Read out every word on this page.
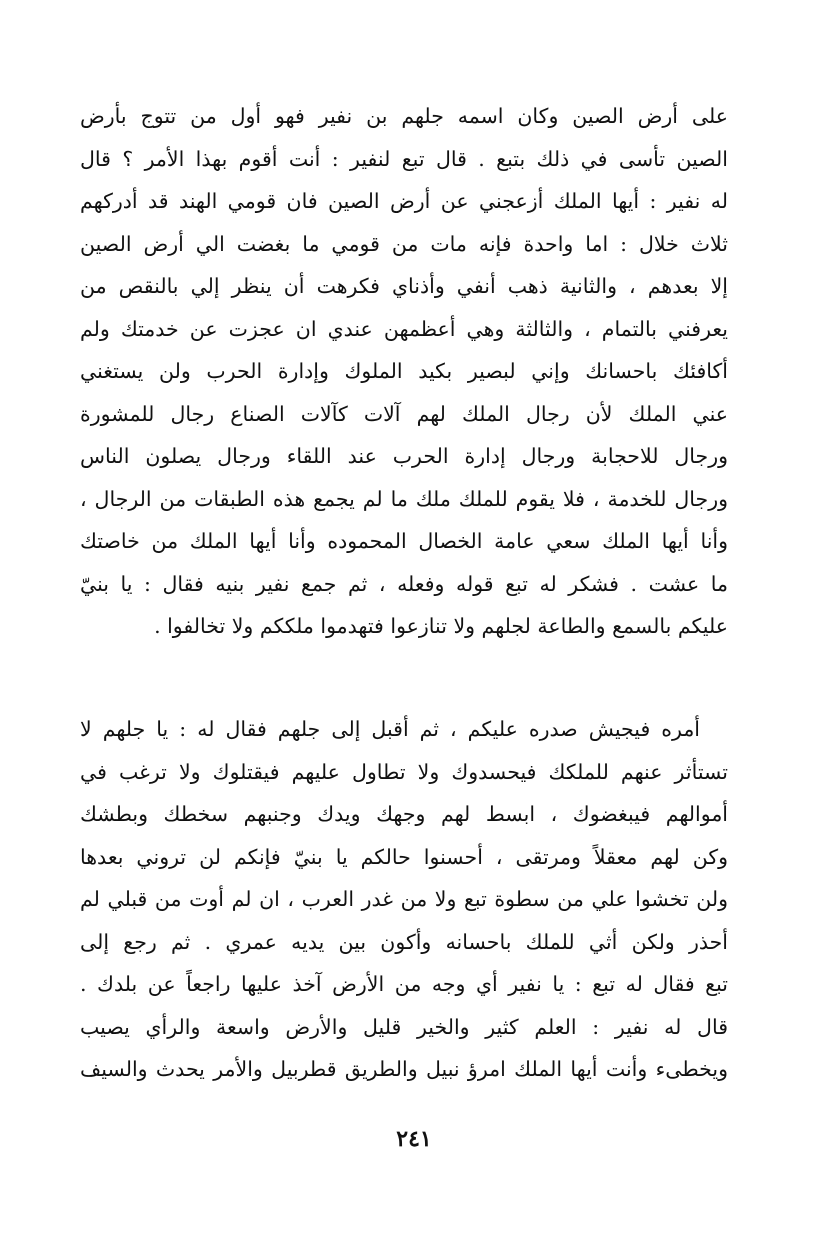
على أرض الصين وكان اسمه جلهم بن نفير فهو أول من تتوج بأرض
الصين تأسى في ذلك بتبع . قال تبع لنفير : أنت أقوم بهذا الأمر ؟ قال
له نفير : أيها الملك أزعجني عن أرض الصين فان قومي الهند قد أدركهم
ثلاث خلال : اما واحدة فإنه مات من قومي ما بغضت الي أرض الصين
إلا بعدهم ، والثانية ذهب أنفي وأذناي فكرهت أن ينظر إلي بالنقص من
يعرفني بالتمام ، والثالثة وهي أعظمهن عندي ان عجزت عن خدمتك ولم
أكافئك باحسانك وإني لبصير بكيد الملوك وإدارة الحرب ولن يستغني
عني الملك لأن رجال الملك لهم آلات كآلات الصناع رجال للمشورة
ورجال للاحجابة ورجال إدارة الحرب عند اللقاء ورجال يصلون الناس
ورجال للخدمة ، فلا يقوم للملك ملك ما لم يجمع هذه الطبقات من الرجال ،
وأنا أيها الملك سعي عامة الخصال المحموده وأنا أيها الملك من خاصتك
ما عشت . فشكر له تبع قوله وفعله ، ثم جمع نفير بنيه فقال : يا بنيّ
عليكم بالسمع والطاعة لجلهم ولا تنازعوا فتهدموا ملككم ولا تخالفوا .
أمره فيجيش صدره عليكم ، ثم أقبل إلى جلهم فقال له : يا جلهم لا
تستأثر عنهم للملكك فيحسدوك ولا تطاول عليهم فيقتلوك ولا ترغب في
أموالهم فيبغضوك ، ابسط لهم وجهك ويدك وجنبهم سخطك وبطشك
وكن لهم معقلاً ومرتقى ، أحسنوا حالكم يا بنيّ فإنكم لن تروني بعدها
ولن تخشوا علي من سطوة تبع ولا من غدر العرب ، ان لم أوت من قبلي لم
أحذر ولكن أثي للملك باحسانه وأكون بين يديه عمري . ثم رجع إلى
تبع فقال له تبع : يا نفير أي وجه من الأرض آخذ عليها راجعاً عن بلدك .
قال له نفير : العلم كثير والخير قليل والأرض واسعة والرأي يصيب
ويخطىء وأنت أيها الملك امرؤ نبيل والطريق قطربيل والأمر يحدث والسيف
٢٤١
